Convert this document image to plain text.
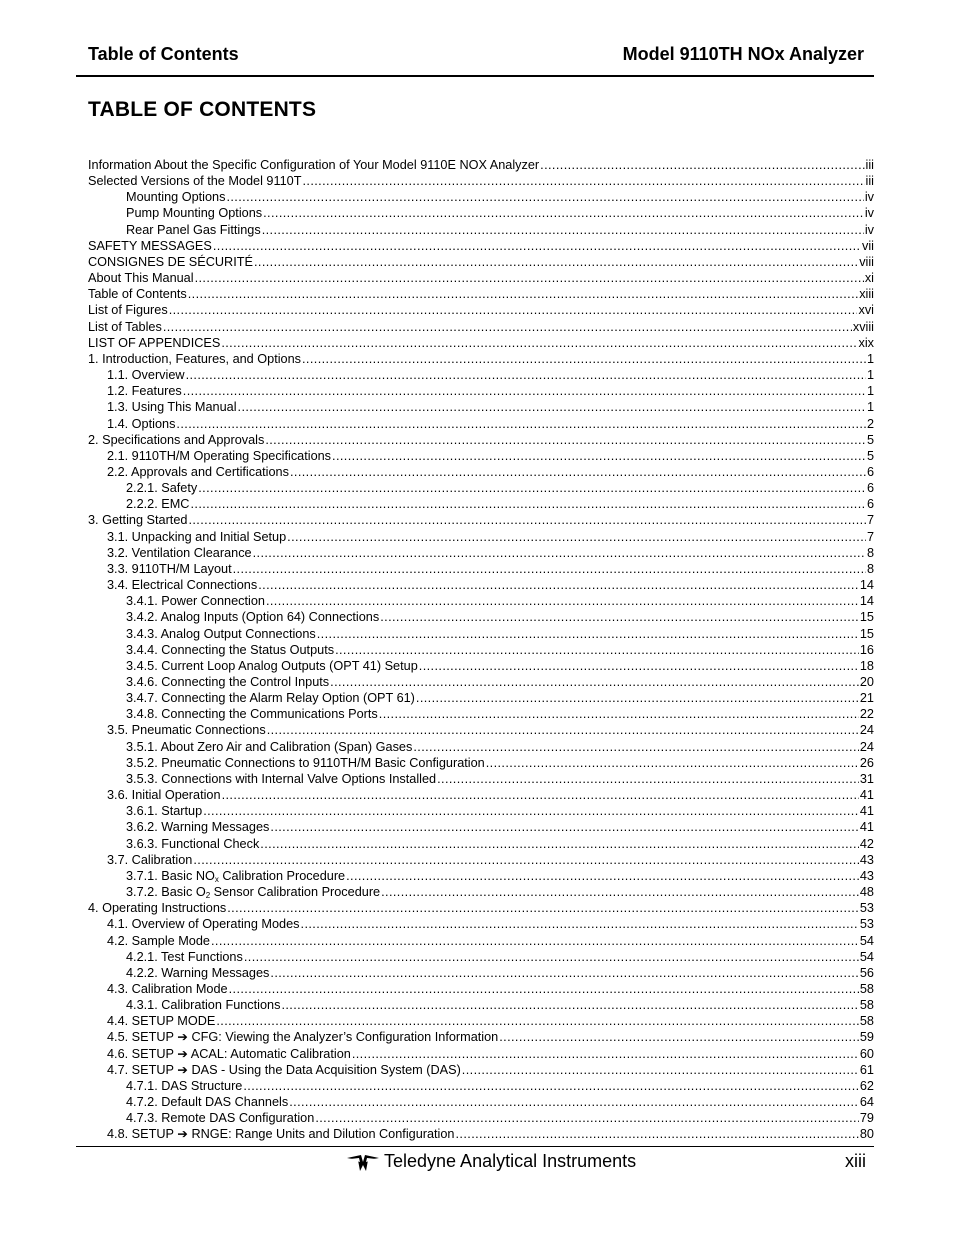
Table of Contents	Model 9110TH NOx Analyzer
TABLE OF CONTENTS
Information About the Specific Configuration of Your Model 9110E NOX Analyzer .....	iii
Selected Versions of the Model 9110T .....	iii
Mounting Options .....	iv
Pump Mounting Options .....	iv
Rear Panel Gas Fittings .....	iv
SAFETY MESSAGES .....	vii
CONSIGNES DE SÉCURITÉ .....	viii
About This Manual .....	xi
Table of Contents .....	xiii
List of Figures .....	xvi
List of Tables .....	xviii
LIST OF APPENDICES .....	xix
1. Introduction, Features, and Options .....	1
1.1. Overview .....	1
1.2. Features .....	1
1.3. Using This Manual .....	1
1.4. Options .....	2
2. Specifications and Approvals .....	5
2.1. 9110TH/M Operating Specifications .....	5
2.2. Approvals and Certifications .....	6
2.2.1. Safety .....	6
2.2.2. EMC .....	6
3. Getting Started .....	7
3.1. Unpacking and Initial Setup .....	7
3.2. Ventilation Clearance .....	8
3.3. 9110TH/M Layout .....	8
3.4. Electrical Connections .....	14
3.4.1. Power Connection .....	14
3.4.2. Analog Inputs (Option 64) Connections .....	15
3.4.3. Analog Output Connections .....	15
3.4.4. Connecting the Status Outputs .....	16
3.4.5. Current Loop Analog Outputs (OPT 41) Setup .....	18
3.4.6. Connecting the Control Inputs .....	20
3.4.7. Connecting the Alarm Relay Option (OPT 61) .....	21
3.4.8. Connecting the Communications Ports .....	22
3.5. Pneumatic Connections .....	24
3.5.1. About Zero Air and Calibration (Span) Gases .....	24
3.5.2. Pneumatic Connections to 9110TH/M Basic Configuration .....	26
3.5.3. Connections with Internal Valve Options Installed .....	31
3.6. Initial Operation .....	41
3.6.1. Startup .....	41
3.6.2. Warning Messages .....	41
3.6.3. Functional Check .....	42
3.7. Calibration .....	43
3.7.1. Basic $NO_x$ Calibration Procedure .....	43
3.7.2. Basic $O_2$ Sensor Calibration Procedure .....	48
4. Operating Instructions .....	53
4.1. Overview of Operating Modes .....	53
4.2. Sample Mode .....	54
4.2.1. Test Functions .....	54
4.2.2. Warning Messages .....	56
4.3. Calibration Mode .....	58
4.3.1. Calibration Functions .....	58
4.4. SETUP MODE .....	58
4.5. SETUP ➔ CFG: Viewing the Analyzer’s Configuration Information .....	59
4.6. SETUP ➔ ACAL: Automatic Calibration .....	60
4.7. SETUP ➔ DAS - Using the Data Acquisition System (DAS) .....	61
4.7.1. DAS Structure .....	62
4.7.2. Default DAS Channels .....	64
4.7.3. Remote DAS Configuration .....	79
4.8. SETUP ➔ RNGE: Range Units and Dilution Configuration .....	80
Teledyne Analytical Instruments	xiii
